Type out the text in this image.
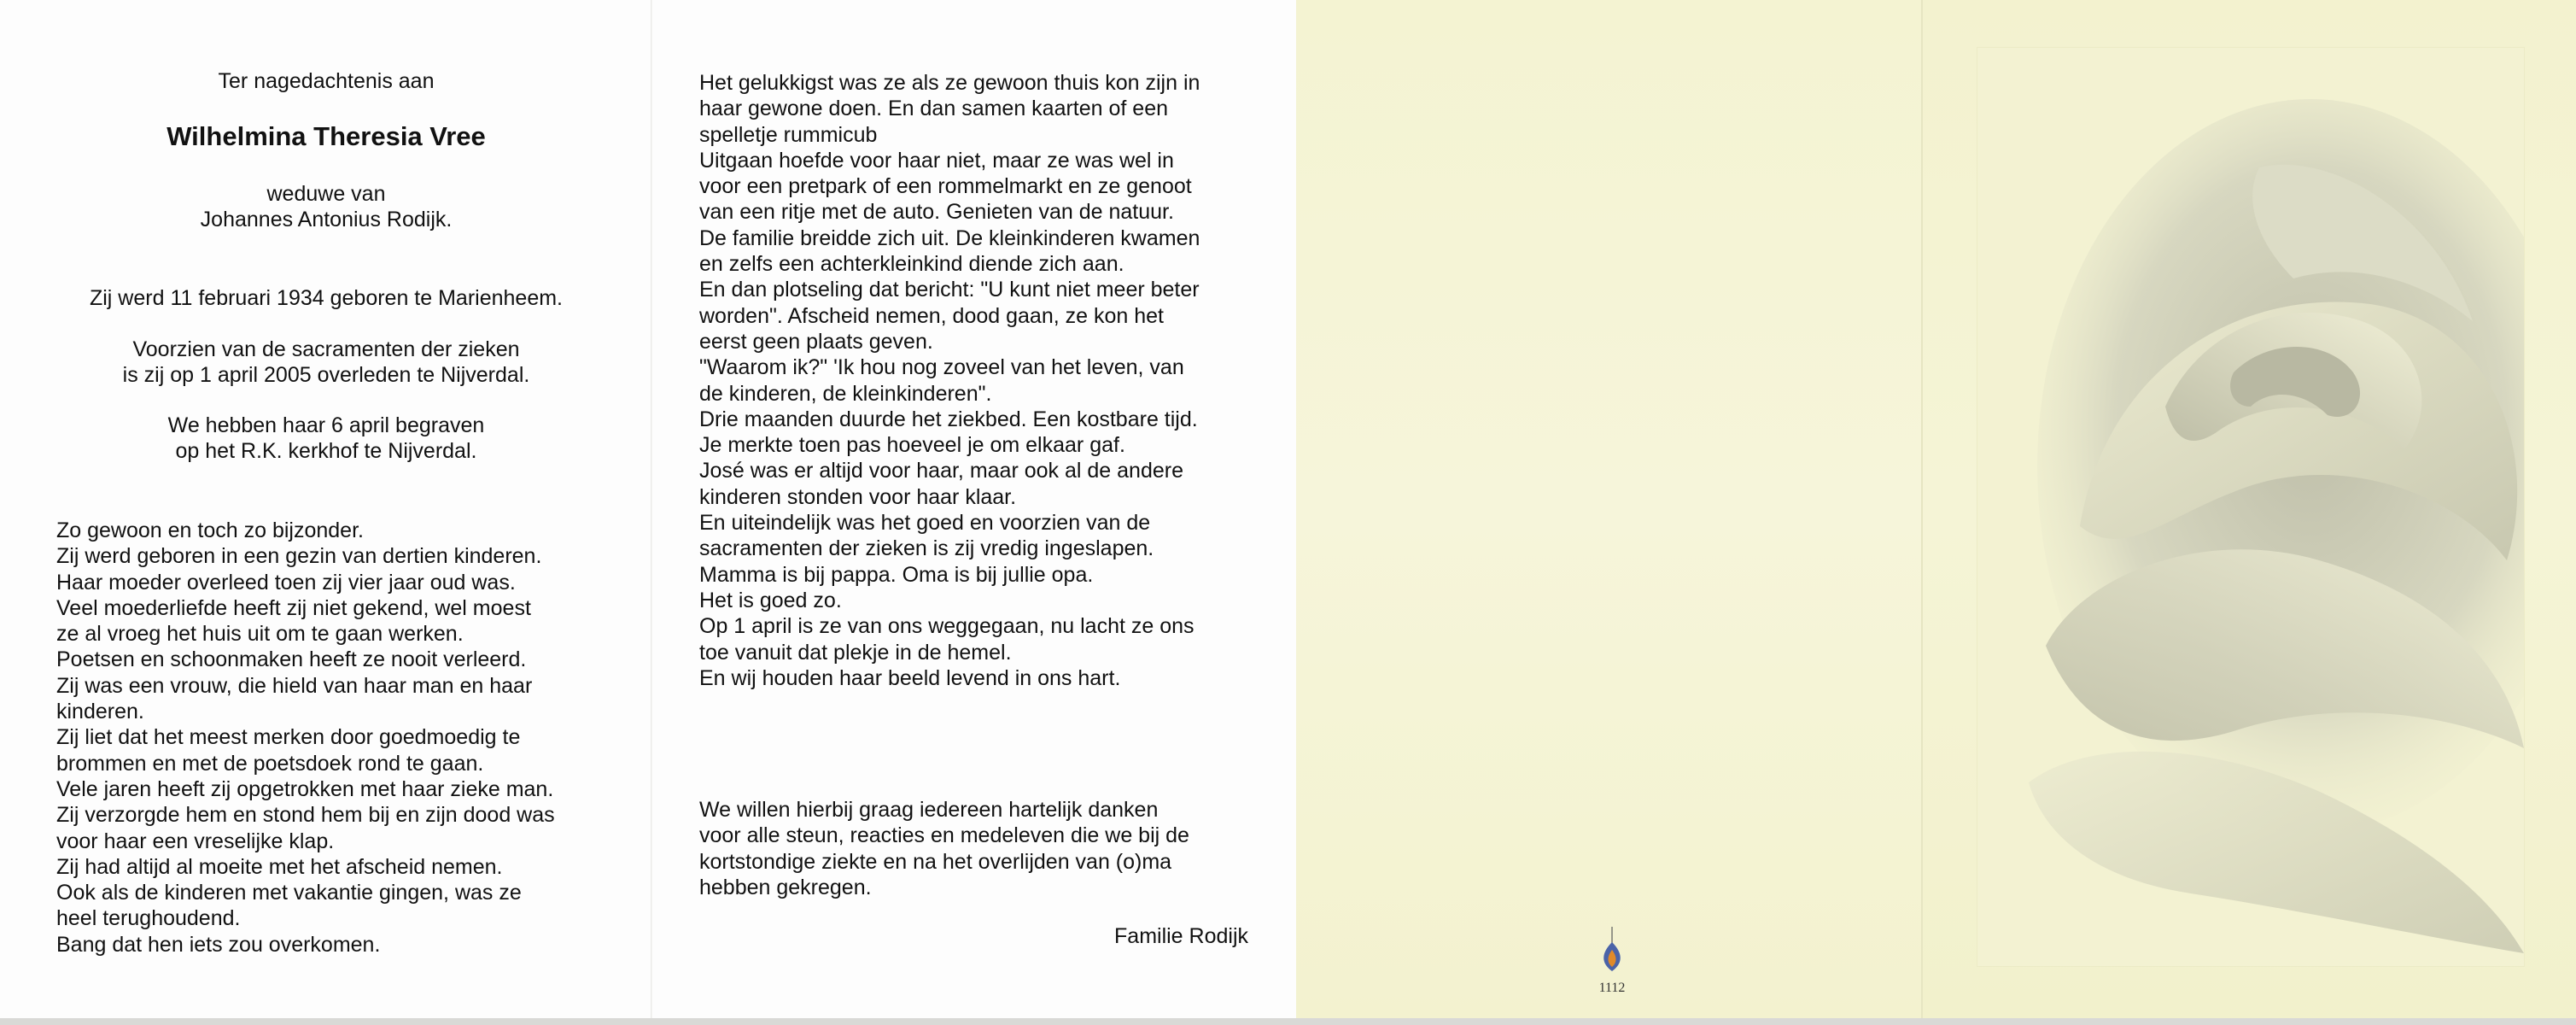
Ter nagedachtenis aan
Wilhelmina Theresia Vree
weduwe van
Johannes Antonius Rodijk.
Zij werd 11 februari 1934 geboren te Marienheem.
Voorzien van de sacramenten der zieken
is zij op 1 april 2005 overleden te Nijverdal.
We hebben haar 6 april begraven
op het R.K. kerkhof te Nijverdal.
Zo gewoon en toch zo bijzonder.
Zij werd geboren in een gezin van dertien kinderen.
Haar moeder overleed toen zij vier jaar oud was.
Veel moederliefde heeft zij niet gekend, wel moest
ze al vroeg het huis uit om te gaan werken.
Poetsen en schoonmaken heeft ze nooit verleerd.
Zij was een vrouw, die hield van haar man en haar
kinderen.
Zij liet dat het meest merken door goedmoedig te
brommen en met de poetsdoek rond te gaan.
Vele jaren heeft zij opgetrokken met haar zieke man.
Zij verzorgde hem en stond hem bij en zijn dood was
voor haar een vreselijke klap.
Zij had altijd al moeite met het afscheid nemen.
Ook als de kinderen met vakantie gingen, was ze
heel terughoudend.
Bang dat hen iets zou overkomen.
Het gelukkigst was ze als ze gewoon thuis kon zijn in
haar gewone doen. En dan samen kaarten of een
spelletje rummicub
Uitgaan hoefde voor haar niet, maar ze was wel in
voor een pretpark of een rommelmarkt en ze genoot
van een ritje met de auto. Genieten van de natuur.
De familie breidde zich uit. De kleinkinderen kwamen
en zelfs een achterkleinkind diende zich aan.
En dan plotseling dat bericht: "U kunt niet meer beter
worden". Afscheid nemen, dood gaan, ze kon het
eerst geen plaats geven.
"Waarom ik?" 'Ik hou nog zoveel van het leven, van
de kinderen, de kleinkinderen".
Drie maanden duurde het ziekbed. Een kostbare tijd.
Je merkte toen pas hoeveel je om elkaar gaf.
José was er altijd voor haar, maar ook al de andere
kinderen stonden voor haar klaar.
En uiteindelijk was het goed en voorzien van de
sacramenten der zieken is zij vredig ingeslapen.
Mamma is bij pappa. Oma is bij jullie opa.
Het is goed zo.
Op 1 april is ze van ons weggegaan, nu lacht ze ons
toe vanuit dat plekje in de hemel.
En wij houden haar beeld levend in ons hart.
We willen hierbij graag iedereen hartelijk danken
voor alle steun, reacties en medeleven die we bij de
kortstondige ziekte en na het overlijden van (o)ma
hebben gekregen.
Familie Rodijk
1112
